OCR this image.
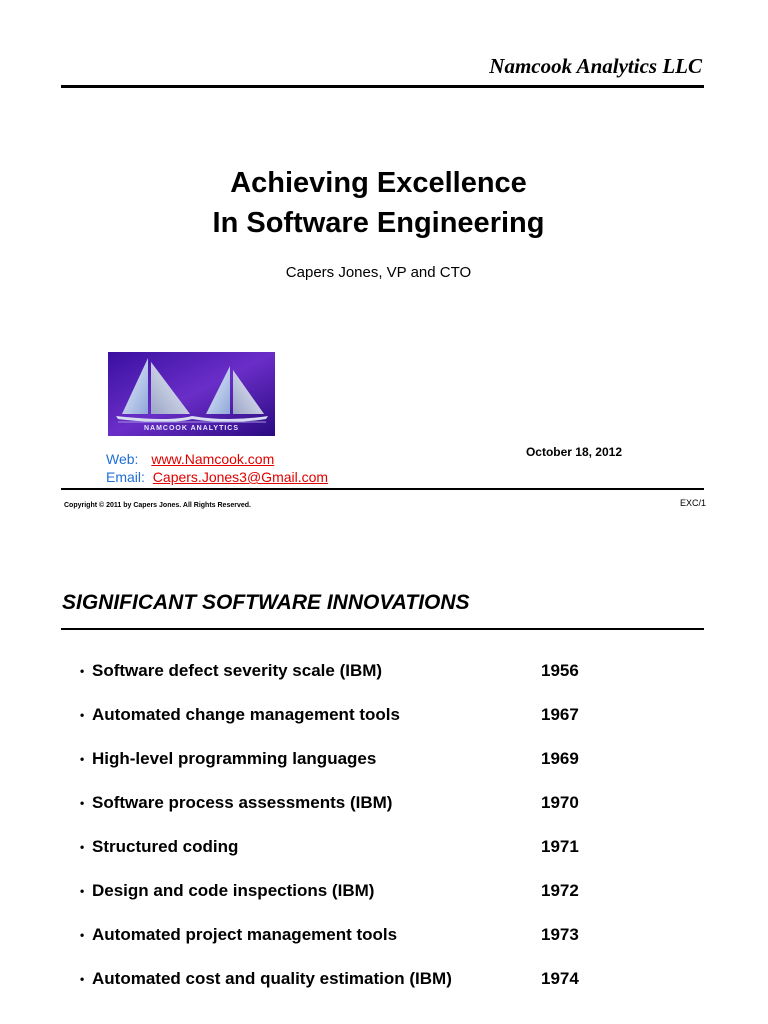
Namcook Analytics LLC
Achieving Excellence
In Software Engineering
Capers Jones, VP and CTO
NAMCOOK ANALYTICS
Web: www.Namcook.com
Email: Capers.Jones3@Gmail.com
October 18, 2012
Copyright © 2011 by Capers Jones. All Rights Reserved.	EXC/1
SIGNIFICANT SOFTWARE INNOVATIONS
• Software defect severity scale (IBM)	1956
• Automated change management tools	1967
• High-level programming languages	1969
• Software process assessments (IBM)	1970
• Structured coding	1971
• Design and code inspections (IBM)	1972
• Automated project management tools	1973
• Automated cost and quality estimation (IBM)	1974
